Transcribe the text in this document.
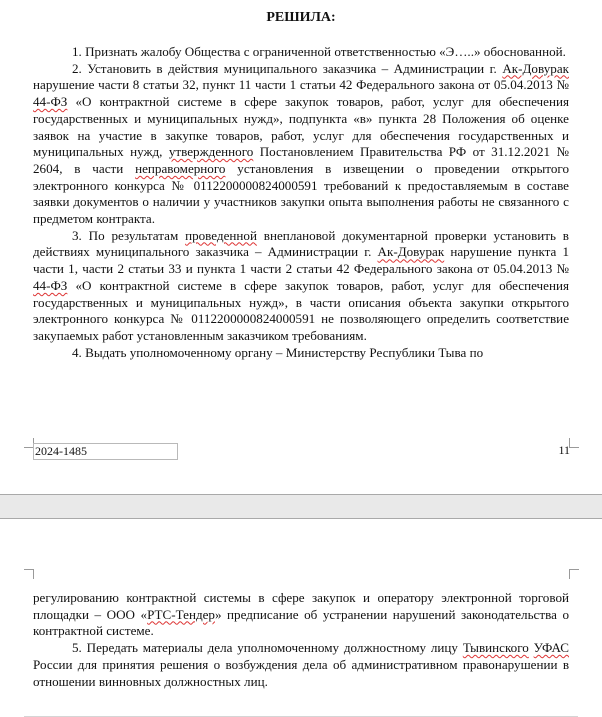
РЕШИЛА:

1. Признать жалобу Общества с ограниченной ответственностью «Э…..» обоснованной.

2. Установить в действия муниципального заказчика – Администрации г. Ак-Довурак нарушение части 8 статьи 32, пункт 11 части 1 статьи 42 Федерального закона от 05.04.2013 № 44-ФЗ «О контрактной системе в сфере закупок товаров, работ, услуг для обеспечения государственных и муниципальных нужд», подпункта «в» пункта 28 Положения об оценке заявок на участие в закупке товаров, работ, услуг для обеспечения государственных и муниципальных нужд, утвержденного Постановлением Правительства РФ от 31.12.2021 № 2604, в части неправомерного установления в извещении о проведении открытого электронного конкурса № 0112200000824000591 требований к предоставляемым в составе заявки документов о наличии у участников закупки опыта выполнения работы не связанного с предметом контракта.

3. По результатам проведенной внеплановой документарной проверки установить в действиях муниципального заказчика – Администрации г. Ак-Довурак нарушение пункта 1 части 1, части 2 статьи 33 и пункта 1 части 2 статьи 42 Федерального закона от 05.04.2013 № 44-ФЗ «О контрактной системе в сфере закупок товаров, работ, услуг для обеспечения государственных и муниципальных нужд», в части описания объекта закупки открытого электронного конкурса № 0112200000824000591 не позволяющего определить соответствие закупаемых работ установленным заказчиком требованиям.

4. Выдать уполномоченному органу – Министерству Республики Тыва по

2024-1485	11

регулированию контрактной системы в сфере закупок и оператору электронной торговой площадки – ООО «РТС-Тендер» предписание об устранении нарушений законодательства о контрактной системе.

5. Передать материалы дела уполномоченному должностному лицу Тывинского УФАС России для принятия решения о возбуждения дела об административном правонарушении в отношении винновных должностных лиц.
